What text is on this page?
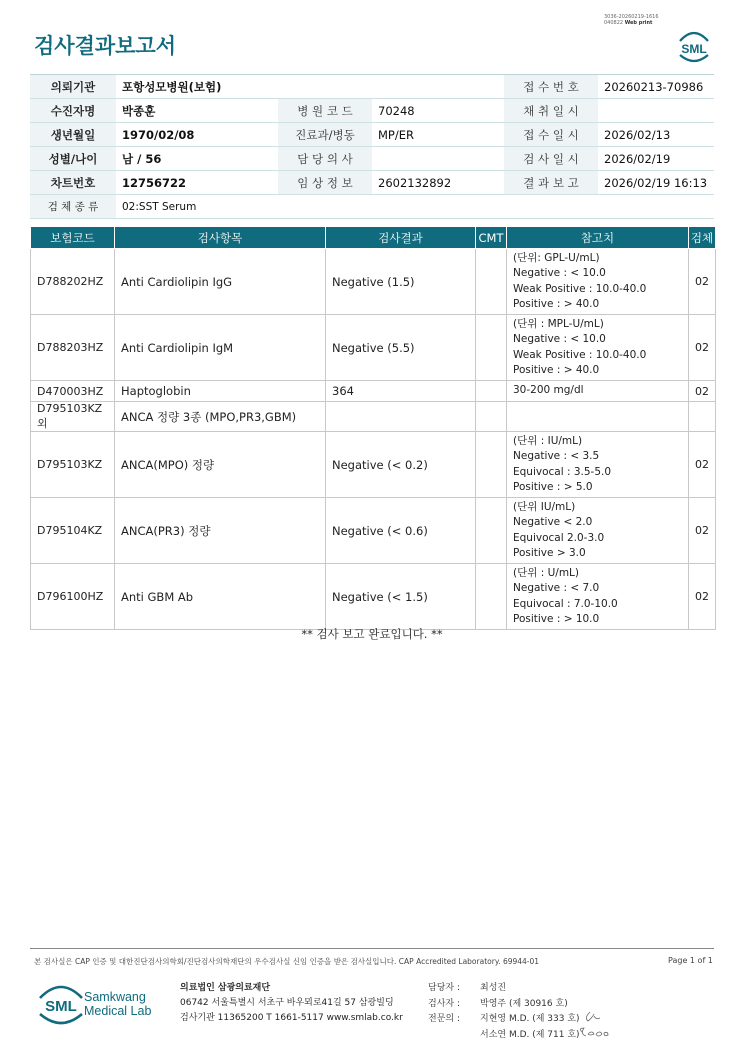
검사결과보고서
3036-20260219-1616
040822 Web print
SML
의뢰기관	포항성모병원(보험)			접 수 번 호	20260213-70986
수진자명	박종훈	병 원 코 드	70248	채 취 일 시	
생년월일	1970/02/08	진료과/병동	MP/ER	접 수 일 시	2026/02/13
성별/나이	남 / 56	담 당 의 사		검 사 일 시	2026/02/19
차트번호	12756722	임 상 정 보	2602132892	결 과 보 고	2026/02/19 16:13
검 체 종 류	02:SST Serum				
보험코드	검사항목	검사결과	CMT	참고치	검체
D788202HZ	Anti Cardiolipin IgG	Negative (1.5)		(단위: GPL-U/mL)
Negative : < 10.0
Weak Positive : 10.0-40.0
Positive : > 40.0	02
D788203HZ	Anti Cardiolipin IgM	Negative (5.5)		(단위 : MPL-U/mL)
Negative : < 10.0
Weak Positive : 10.0-40.0
Positive : > 40.0	02
D470003HZ	Haptoglobin	364		30-200 mg/dl	02
D795103KZ외	ANCA 정량 3종 (MPO,PR3,GBM)				
D795103KZ	ANCA(MPO) 정량	Negative (< 0.2)		(단위 : IU/mL)
Negative : < 3.5
Equivocal : 3.5-5.0
Positive : > 5.0	02
D795104KZ	ANCA(PR3) 정량	Negative (< 0.6)		(단위 IU/mL)
Negative < 2.0
Equivocal 2.0-3.0
Positive > 3.0	02
D796100HZ	Anti GBM Ab	Negative (< 1.5)		(단위 : U/mL)
Negative : < 7.0
Equivocal : 7.0-10.0
Positive : > 10.0	02
** 검사 보고 완료입니다. **
본 검사실은 CAP 인증 및 대한진단검사의학회/진단검사의학재단의 우수검사실 신임 인증을 받은 검사실입니다. CAP Accredited Laboratory. 69944-01	Page 1 of 1
SML
Samkwang
Medical Lab
의료법인 삼광의료재단
06742 서울특별시 서초구 바우뫼로41길 57 삼광빌딩
검사기관 11365200 T 1661-5117 www.smlab.co.kr
담당자 : 최성진
검사자 : 박영주 (제 30916 호)
전문의 : 지현영 M.D. (제 333 호)
서소연 M.D. (제 711 호)
